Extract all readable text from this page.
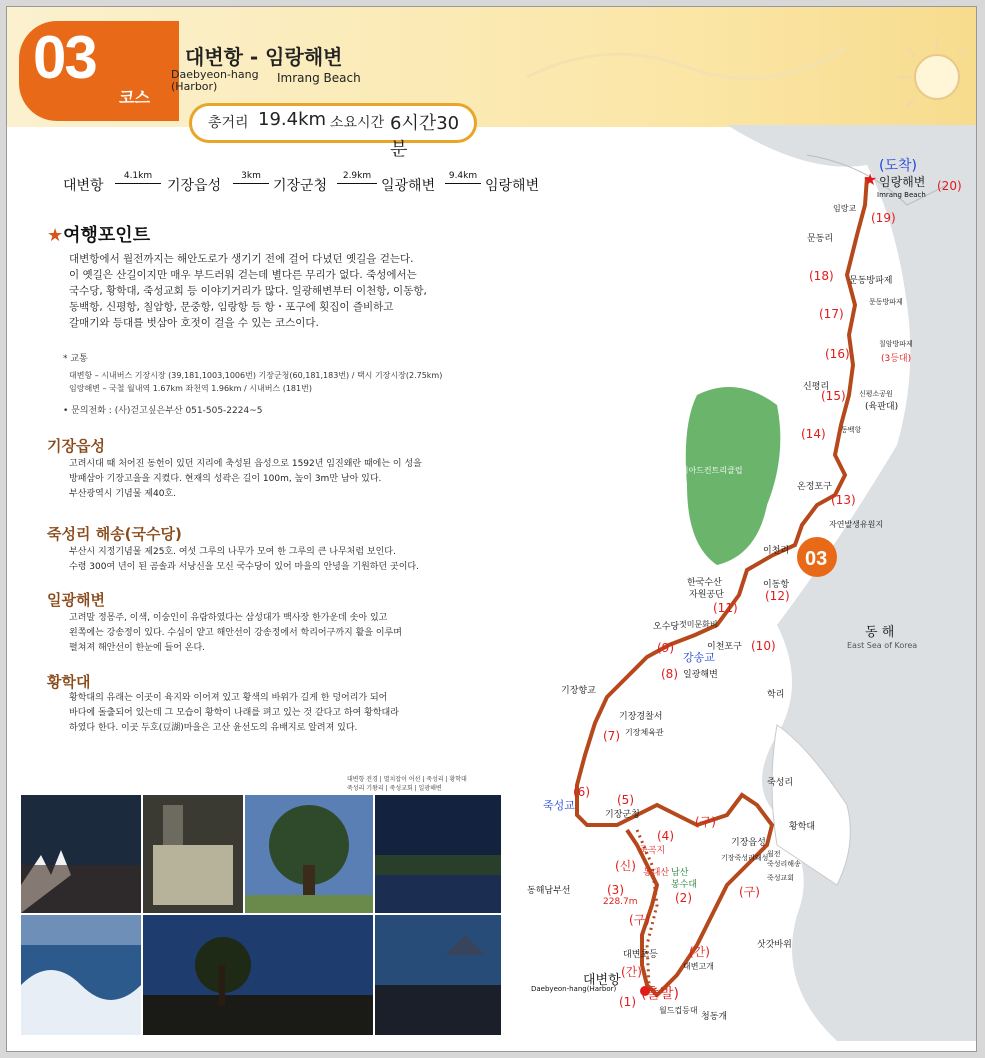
03
코스
대변항 - 임랑해변
Daebyeon-hang
(Harbor)
Imrang Beach
총거리 19.4km 소요시간 6시간30분
대변항
4.1km
기장읍성
3km
기장군청
2.9km
일광해변
9.4km
임랑해변
★여행포인트
대변항에서 월전까지는 해안도로가 생기기 전에 걸어 다녔던 옛길을 걷는다.
이 옛길은 산길이지만 매우 부드러워 걷는데 별다른 무리가 없다. 죽성에서는
국수당, 황학대, 죽성교회 등 이야기거리가 많다. 일광해변부터 이천항, 이동항,
동백항, 신평항, 칠암항, 문중항, 임랑항 등 항・포구에 횟집이 즐비하고
갈매기와 등대를 벗삼아 호젓이 걸을 수 있는 코스이다.
* 교통
대변항 – 시내버스 기장시장 (39,181,1003,1006번) 기장군청(60,181,183번) / 택시 기장시장(2.75km)
임랑해변 – 국철 월내역 1.67km 좌천역 1.96km / 시내버스 (181번)
• 문의전화 : (사)걷고싶은부산 051-505-2224~5
기장읍성
고려시대 때 처어진 동헌이 있던 지리에 축성된 읍성으로 1592년 임진왜란 때에는 이 성을
방패삼아 기장고을을 지켰다. 현재의 성곽은 길이 100m, 높이 3m만 남아 있다.
부산광역시 기념물 제40호.
죽성리 해송(국수당)
부산시 지정기념물 제25호. 여섯 그루의 나무가 모여 한 그루의 큰 나무처럼 보인다.
수령 300여 년이 된 곰솔과 서낭신을 모신 국수당이 있어 마을의 안녕을 기원하던 곳이다.
일광해변
고려말 정몽주, 이색, 이숭인이 유람하였다는 삼성대가 백사장 한가운데 솟아 있고
왼쪽에는 강송정이 있다. 수심이 얕고 해안선이 강송정에서 학리어구까지 활을 이루며
펼쳐져 해안선이 한눈에 들어 온다.
황학대
황학대의 유래는 이곳이 육지와 이어져 있고 황색의 바위가 길게 한 덩어리가 되어
바다에 돌출되어 있는데 그 모습이 황학이 나래를 펴고 있는 것 같다고 하여 황학대라
하였다 한다. 이곳 두호(豆湖)마을은 고산 윤선도의 유배지로 알려져 있다.
대변항 전경 | 멸치잡이 어선 | 죽성리 | 황학대
죽성리 기왕리 | 죽성교회 | 일광해변
★
03
아시아드컨트리클럽
동 해
East Sea of Korea
문동리
신평리
이천리
학리
죽성리
동해남부선
청동개
삿갓바위
(도착)
임랑해변
Imrang Beach
임랑교
문동방파제
문동방파제
칠암방파제
(3등대)
신평소공원
(육판대)
동백항
온정포구
자연발생유원지
이동항
한국수산
자원공단
오수당 젓미문화비
이천포구
강송교
일광해변
기장향교
기장경찰서
기장체육관
죽성교
기장군청
죽곡지
남산
봉수대
봉대산
228.7m
기장읍성
기장죽성리왜성
죽성리해송
죽성교회
월전
황학대
대변초등
대변고개
대변항
Daebyeon-hang(Harbor) (출발)
월드컵등대
(1)
(2)
(3)
(4)
(5)
(6)
(7)
(8)
(9)	(10)
(11)
(12)
(13)
(14)
(15)
(16)
(17)
(18)
(19)
(20)
(구)
(신)
(구)
(간)
(구)
(간)
